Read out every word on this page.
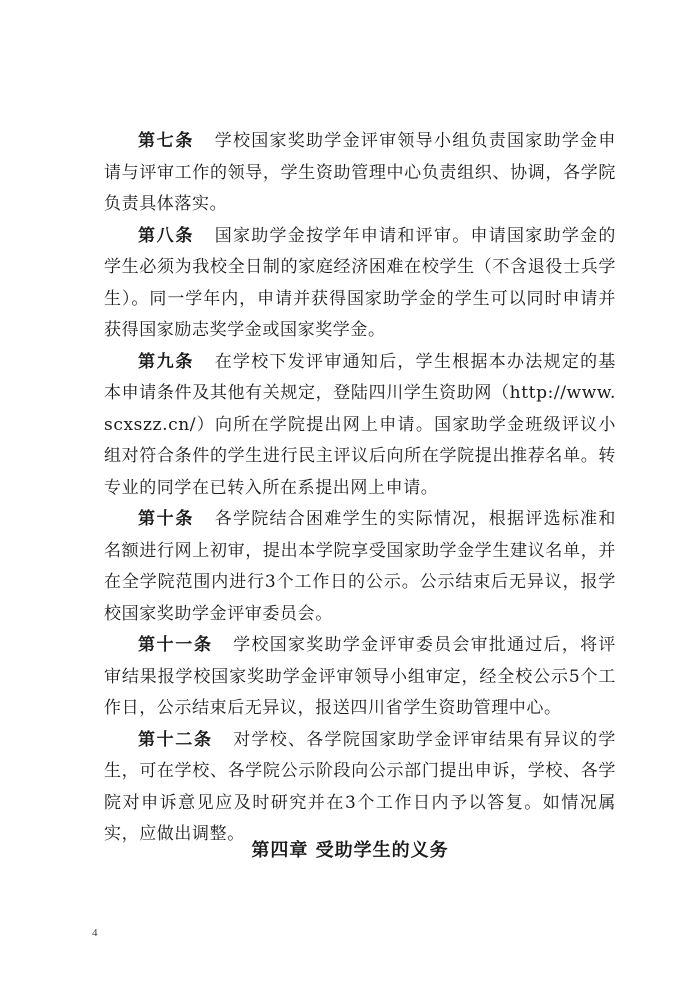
第七条 学校国家奖助学金评审领导小组负责国家助学金申请与评审工作的领导，学生资助管理中心负责组织、协调，各学院负责具体落实。

第八条 国家助学金按学年申请和评审。申请国家助学金的学生必须为我校全日制的家庭经济困难在校学生（不含退役士兵学生）。同一学年内，申请并获得国家助学金的学生可以同时申请并获得国家励志奖学金或国家奖学金。

第九条 在学校下发评审通知后，学生根据本办法规定的基本申请条件及其他有关规定，登陆四川学生资助网（http://www.scxszz.cn/）向所在学院提出网上申请。国家助学金班级评议小组对符合条件的学生进行民主评议后向所在学院提出推荐名单。转专业的同学在已转入所在系提出网上申请。

第十条 各学院结合困难学生的实际情况，根据评选标准和名额进行网上初审，提出本学院享受国家助学金学生建议名单，并在全学院范围内进行3个工作日的公示。公示结束后无异议，报学校国家奖助学金评审委员会。

第十一条 学校国家奖助学金评审委员会审批通过后，将评审结果报学校国家奖助学金评审领导小组审定，经全校公示5个工作日，公示结束后无异议，报送四川省学生资助管理中心。

第十二条 对学校、各学院国家助学金评审结果有异议的学生，可在学校、各学院公示阶段向公示部门提出申诉，学校、各学院对申诉意见应及时研究并在3个工作日内予以答复。如情况属实，应做出调整。

第四章 受助学生的义务
4
